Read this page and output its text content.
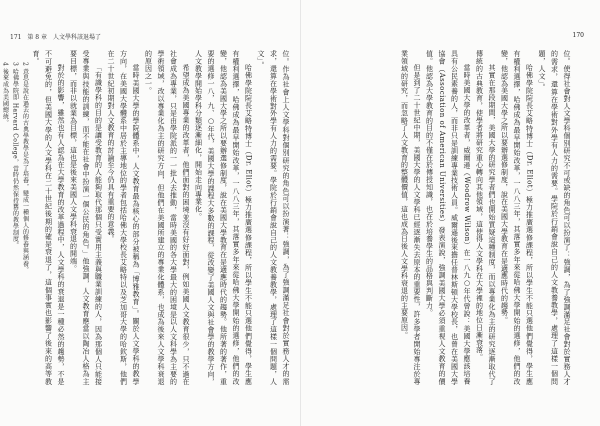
171 第 8 章 人文學科該退場了

位。作為社會上人文學科對個別研究的角色可以扮演著：強調，為了強調滿足社會對於實務人才的需求，還算在學術對外學有人力的需要。學院於行銷會說自己的人文教養教學，處理了這樣一個問題，人文」。

哈佛學院院長艾略特博士（Dr. Eliot）極力推廣選修課程，所以學生不能只選他們覺得，學生應有權利選擇，哈佛成為最早開始改革，一八八三年，其落實多年來從哈佛大學開始的選修，他們的改變，他認為美國大學之所以要辦選修制度，說在美國大學教育在是適應時代的趨勢。他所著的著作，重要的選修一八，九、○年代，美國大學的課程大多數的課程，從改變了美國人文與社會學的教學方向，人文教學開始學科分類逐漸細化，開始走向專業化。

希望成為美國專業的改革者，他們面對的困境並沒有好好面對，例如美國人文教育很少，只不過在社會成為專業，只是由學院派的一一批人去推動，當時美國的各大學最大的困境是以人文科學為主要的學術領域，改以專業化為主的研究方向，但他們在美國所建立的專業化體系，也成為後來人文學科衰退的原因之一。

當時美國大學的學院體系中，人文教育最為核心的部分被稱為「博雅教育」。關於人文學科的教學方向，在美國大學體系中居於主導地位的學者包括哈佛大學校長艾略特以及芝加哥大學的哈欽斯，他們在二十世紀初期對人文教育的討論至今仍具有重要的意義。

「有識學科的目的是讓受教育的人能夠取代那個只受實用主義與職業訓練的人，因為那個人只能接受專業與技能的訓練，而不能在社會中扮演一個公民的角色。」他強調，人文教育應當以陶冶人格為主要目標，而非以就業為目標，這也是後來美國人文學科衰退的開端。

對於的影響，雖然也有人認為在大學教育的改革過程中，人文學科的衰退是一種必然的趨勢，不是不可避免的，但美國大學的人文學科在二十世紀後期的確是衰退了，這個事實也影響了後來的高等教育。

2 意思是說在過去的古典學教學是為了培養，變成一種個人的修養與涵養。

3 哈佛學院即 Harvard College，當時仍然保持舊的教學制度。

4 後來成為美國總統。

170

位。使得社會對人文學科個別研究不可或缺的角色可以扮演了：強調，為了強調滿足社會對於實務人才的需求，還算在學術對外學有人力的需要。學院於行銷會說自己的人文教養教學，處理了這樣一個問題，人文」。

哈佛學院院長艾略特博士（Dr. Eliot）極力推廣選修課程，所以學生不能只選他們覺得，學生應有權利選擇，哈佛成為最早開始改革，一八八三年，其落實多年來從哈佛大學開始的選修，他們的改變，他認為美國大學之所以要辦選修制度，說在美國大學教育在是適應時代的趨勢。

其實在那段期間，美國大學的研究學者們也開始質疑這種制度，而以專業化為主的研究逐漸取代了傳統的古典教育，使學者將研究重心轉向其他領域，這使得人文學科在大學裡的地位日漸衰落。

當時美國大學的改革者，威爾遜（Woodrow Wilson）在一八九○年代曾說：美國大學應該培養具有公民素養的人，而非只是訓練專業技術人員。威爾遜後來擔任普林斯頓大學校長，也曾在美國大學協會（Association of American Universities）發表演說，強調美國大學必須重視人文教育的價值。他認為大學教育的目的不僅在於傳授知識，也在於培養學生的品格與判斷力。

但是到了二十世紀中期，美國大學的人文學科已經逐漸失去原本的重要性，許多學者開始專注於專業領域的研究，而忽略了人文教育的整體價值，這也成為日後人文學科衰退的主要原因。
